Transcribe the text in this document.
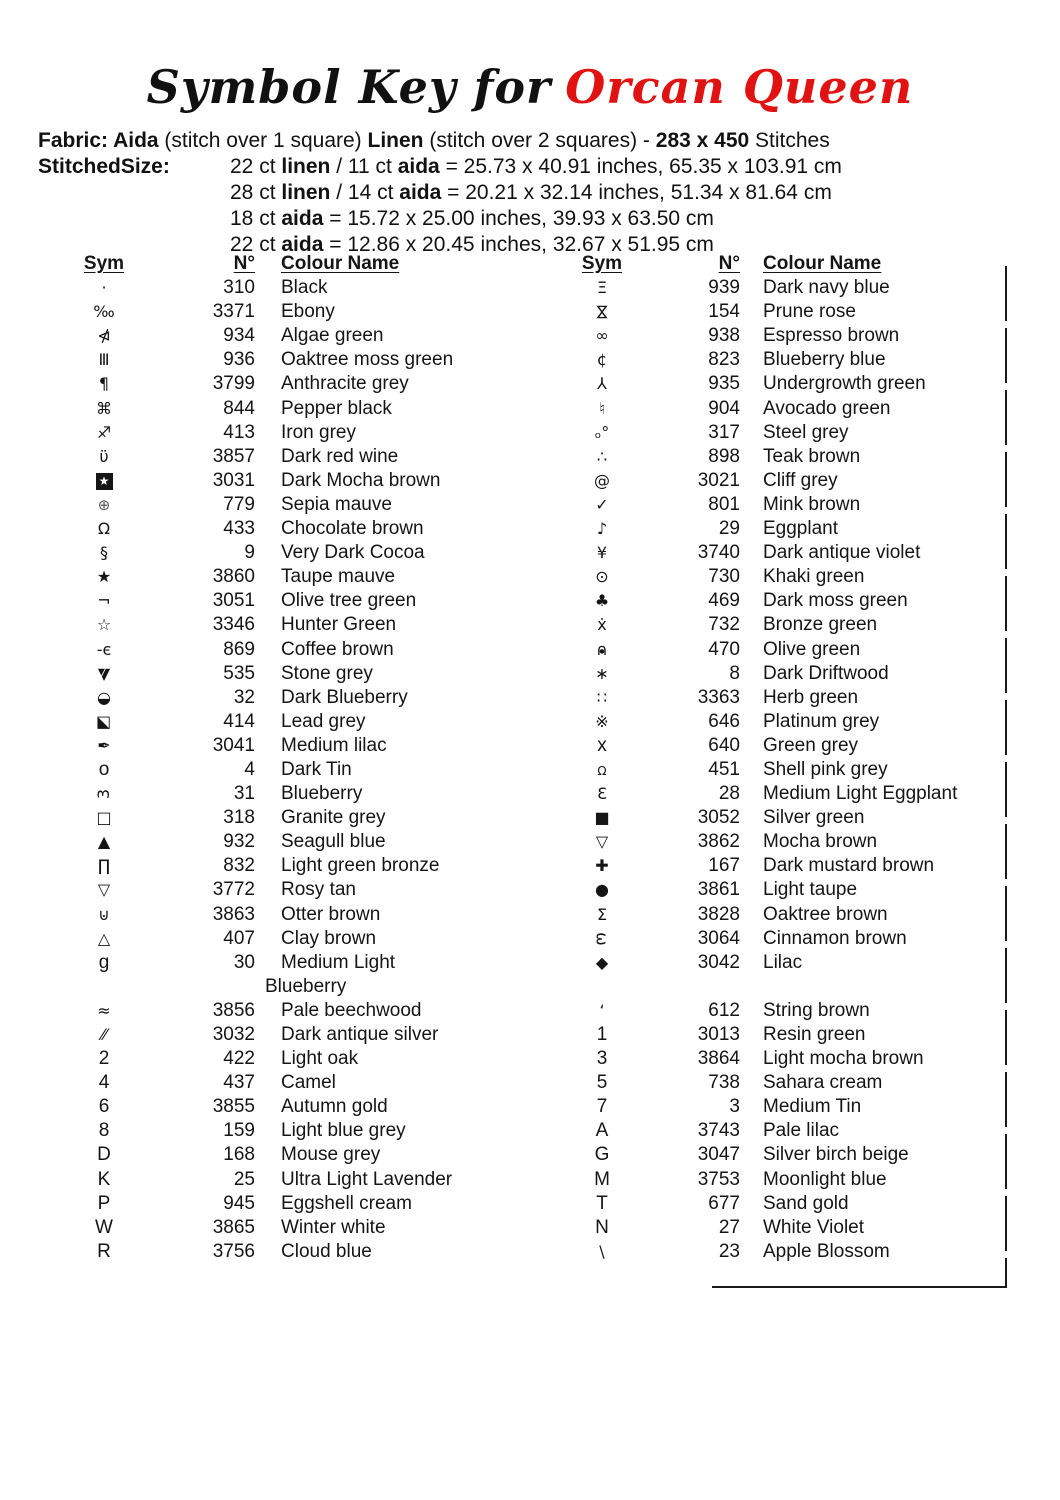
Symbol Key for Orcan Queen
Fabric: Aida (stitch over 1 square) Linen (stitch over 2 squares) - 283 x 450 Stitches
StitchedSize:	22 ct linen / 11 ct aida = 25.73 x 40.91 inches, 65.35 x 103.91 cm
28 ct linen / 14 ct aida = 20.21 x 32.14 inches, 51.34 x 81.64 cm
18 ct aida = 15.72 x 25.00 inches, 39.93 x 63.50 cm
22 ct aida = 12.86 x 20.45 inches, 32.67 x 51.95 cm
Sym	N°	Colour Name	Sym	N°	Colour Name
·	310	Black	Ξ	939	Dark navy blue
‰	3371	Ebony	⋈	154	Prune rose
⋪	934	Algae green	∞	938	Espresso brown
Ⅲ	936	Oaktree moss green	¢	823	Blueberry blue
¶	3799	Anthracite grey	⅄	935	Undergrowth green
⌘	844	Pepper black	♮	904	Avocado green
♐	413	Iron grey	ₒ°	317	Steel grey
ϋ	3857	Dark red wine	∴	898	Teak brown
★	3031	Dark Mocha brown	@	3021	Cliff grey
⊕	779	Sepia mauve	✓	801	Mink brown
Ω	433	Chocolate brown	♪	29	Eggplant
§	9	Very Dark Cocoa	¥	3740	Dark antique violet
★	3860	Taupe mauve	⊙	730	Khaki green
¬	3051	Olive tree green	♣	469	Dark moss green
☆	3346	Hunter Green	ẋ	732	Bronze green
-є	869	Coffee brown	∩ ●	470	Olive green
▼ ╱	535	Stone grey	∗	8	Dark Driftwood
◒	32	Dark Blueberry	∷	3363	Herb green
◪	414	Lead grey	※	646	Platinum grey
✒	3041	Medium lilac	x	640	Green grey
o	4	Dark Tin	Ω	451	Shell pink grey
3	31	Blueberry	Ɛ	28	Medium Light Eggplant
□	318	Granite grey	■	3052	Silver green
▲	932	Seagull blue	▽	3862	Mocha brown
∏	832	Light green bronze	✚	167	Dark mustard brown
▽	3772	Rosy tan	●	3861	Light taupe
⊍	3863	Otter brown	Σ	3828	Oaktree brown
△	407	Clay brown	ω	3064	Cinnamon brown
g	30	Medium Light	◆	3042	Lilac
Blueberry
≈	3856	Pale beechwood	‘	612	String brown
⁄⁄	3032	Dark antique silver	1	3013	Resin green
2	422	Light oak	3	3864	Light mocha brown
4	437	Camel	5	738	Sahara cream
6	3855	Autumn gold	7	3	Medium Tin
8	159	Light blue grey	A	3743	Pale lilac
D	168	Mouse grey	G	3047	Silver birch beige
K	25	Ultra Light Lavender	M	3753	Moonlight blue
P	945	Eggshell cream	T	677	Sand gold
W	3865	Winter white	N	27	White Violet
R	3756	Cloud blue	\	23	Apple Blossom
